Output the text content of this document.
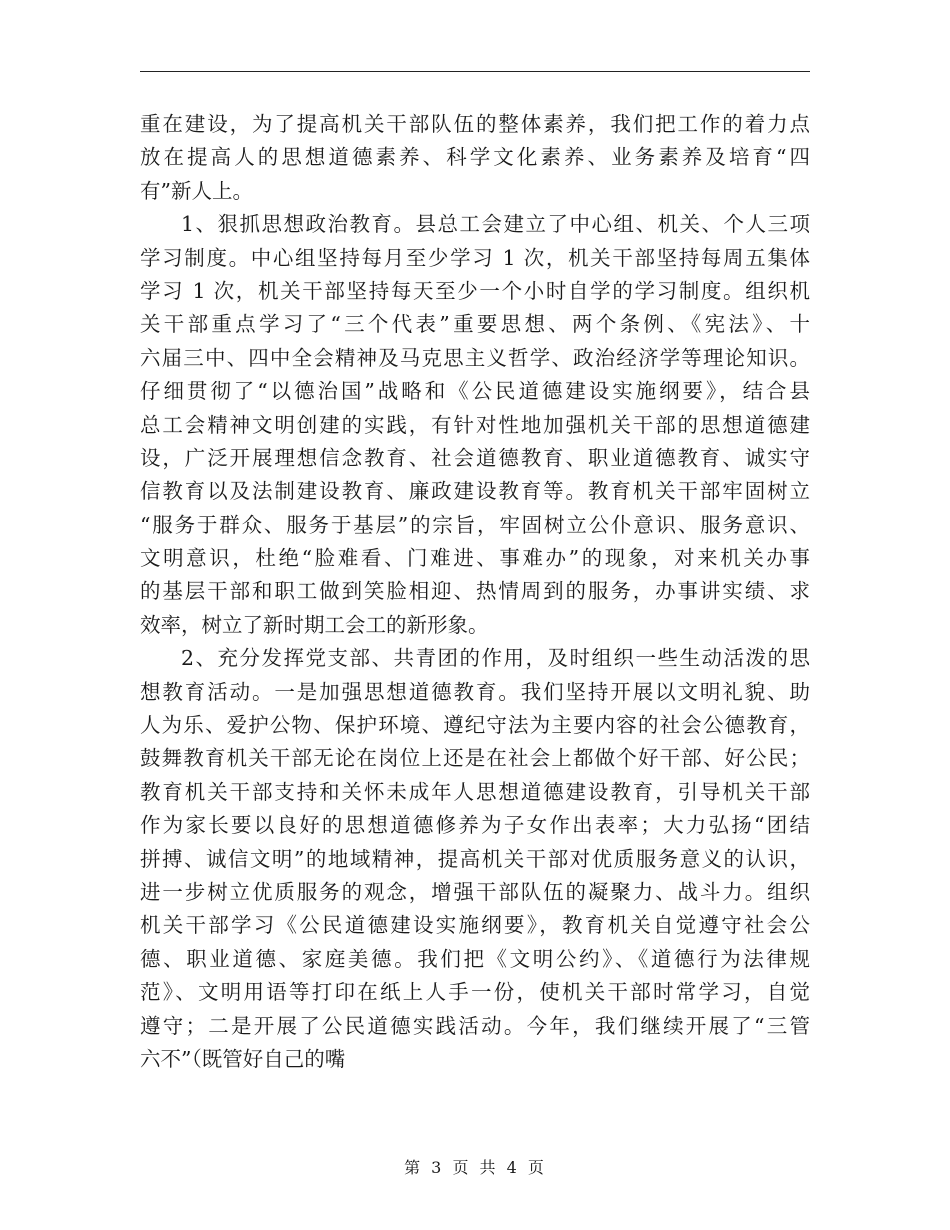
重在建设，为了提高机关干部队伍的整体素养，我们把工作的着力点
放在提高人的思想道德素养、科学文化素养、业务素养及培育“四
有”新人上。
1、狠抓思想政治教育。县总工会建立了中心组、机关、个人三项
学习制度。中心组坚持每月至少学习 1 次，机关干部坚持每周五集体
学习 1 次，机关干部坚持每天至少一个小时自学的学习制度。组织机
关干部重点学习了“三个代表”重要思想、两个条例、《宪法》、十
六届三中、四中全会精神及马克思主义哲学、政治经济学等理论知识。
仔细贯彻了“以德治国”战略和《公民道德建设实施纲要》，结合县
总工会精神文明创建的实践，有针对性地加强机关干部的思想道德建
设，广泛开展理想信念教育、社会道德教育、职业道德教育、诚实守
信教育以及法制建设教育、廉政建设教育等。教育机关干部牢固树立
“服务于群众、服务于基层”的宗旨，牢固树立公仆意识、服务意识、
文明意识，杜绝“脸难看、门难进、事难办”的现象，对来机关办事
的基层干部和职工做到笑脸相迎、热情周到的服务，办事讲实绩、求
效率，树立了新时期工会工的新形象。
2、充分发挥党支部、共青团的作用，及时组织一些生动活泼的思
想教育活动。一是加强思想道德教育。我们坚持开展以文明礼貌、助
人为乐、爱护公物、保护环境、遵纪守法为主要内容的社会公德教育，
鼓舞教育机关干部无论在岗位上还是在社会上都做个好干部、好公民；
教育机关干部支持和关怀未成年人思想道德建设教育，引导机关干部
作为家长要以良好的思想道德修养为子女作出表率；大力弘扬“团结
拼搏、诚信文明”的地域精神，提高机关干部对优质服务意义的认识，
进一步树立优质服务的观念，增强干部队伍的凝聚力、战斗力。组织
机关干部学习《公民道德建设实施纲要》，教育机关自觉遵守社会公
德、职业道德、家庭美德。我们把《文明公约》、《道德行为法律规
范》、文明用语等打印在纸上人手一份，使机关干部时常学习，自觉
遵守；二是开展了公民道德实践活动。今年，我们继续开展了“三管
六不”（既管好自己的嘴
第 3 页 共 4 页
